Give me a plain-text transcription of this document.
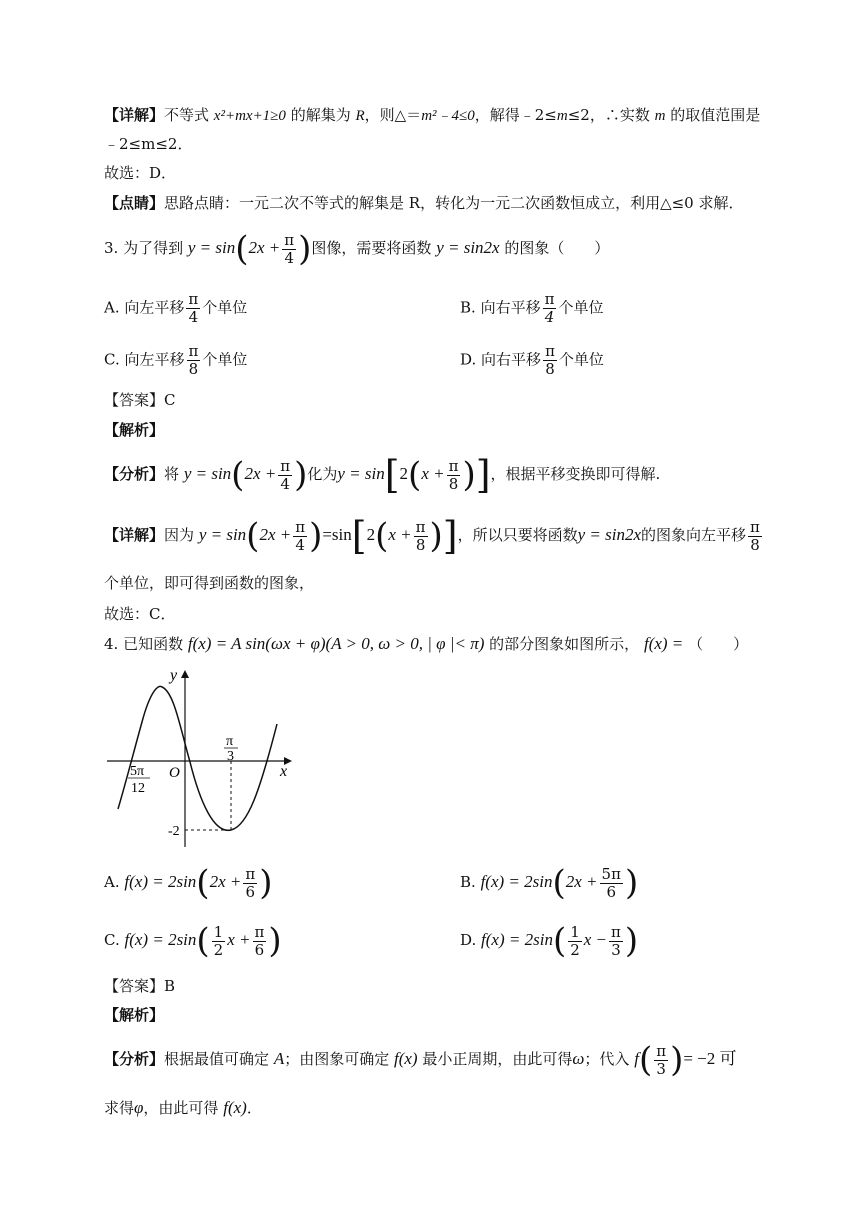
【详解】不等式 x²+mx+1≥0 的解集为 R，则△＝m²﹣4≤0，解得﹣2≤m≤2，∴实数 m 的取值范围是
﹣2≤m≤2．
故选：D．
【点睛】思路点睛：一元二次不等式的解集是 R，转化为一元二次函数恒成立，利用△≤0 求解．
3. 为了得到 $y = \sin(2x + \frac{\pi}{4}$ )图像，需要将函数 y = sin2x 的图象（　　）
A. 向左平移 $\frac{\pi}{4}$ 个单位	B. 向右平移 $\frac{\pi}{4}$ 个单位
C. 向左平移 $\frac{\pi}{8}$ 个单位	D. 向右平移 $\frac{\pi}{8}$ 个单位
【答案】C
【解析】
【分析】将 $y = \sin(2x + \frac{\pi}{4}$ )化为$y = \sin[2(x + \frac{\pi}{8}$ )]，根据平移变换即可得解.
【详解】因为 $y = \sin(2x + \frac{\pi}{4} )=\sin[2(x + \frac{\pi}{8}$ )]，所以只要将函数y = sin2x的图象向左平移 $\frac{\pi}{8}$
个单位，即可得到函数的图象，
故选：C．
4. 已知函数 f(x) = A sin(ωx + φ)(A > 0, ω > 0, | φ |< π) 的部分图象如图所示， f(x) = （　　）
y
x
O
π
3
5π
12
-2
A. $f(x) = 2\sin(2x + \frac{\pi}{6}$ )	B. $f(x) = 2\sin(2x + \frac{5\pi}{6}$ )
C. $f(x) = 2\sin( \frac{1}{2}$ $x + \frac{\pi}{6}$ )	D. $f(x) = 2\sin( \frac{1}{2}$ $x - \frac{\pi}{3}$ )
【答案】B
【解析】
【分析】根据最值可确定 A；由图象可确定 f(x) 最小正周期，由此可得ω；代入 $f( \frac{\pi}{3}$ )= −2 可
求得φ，由此可得 f(x)．
